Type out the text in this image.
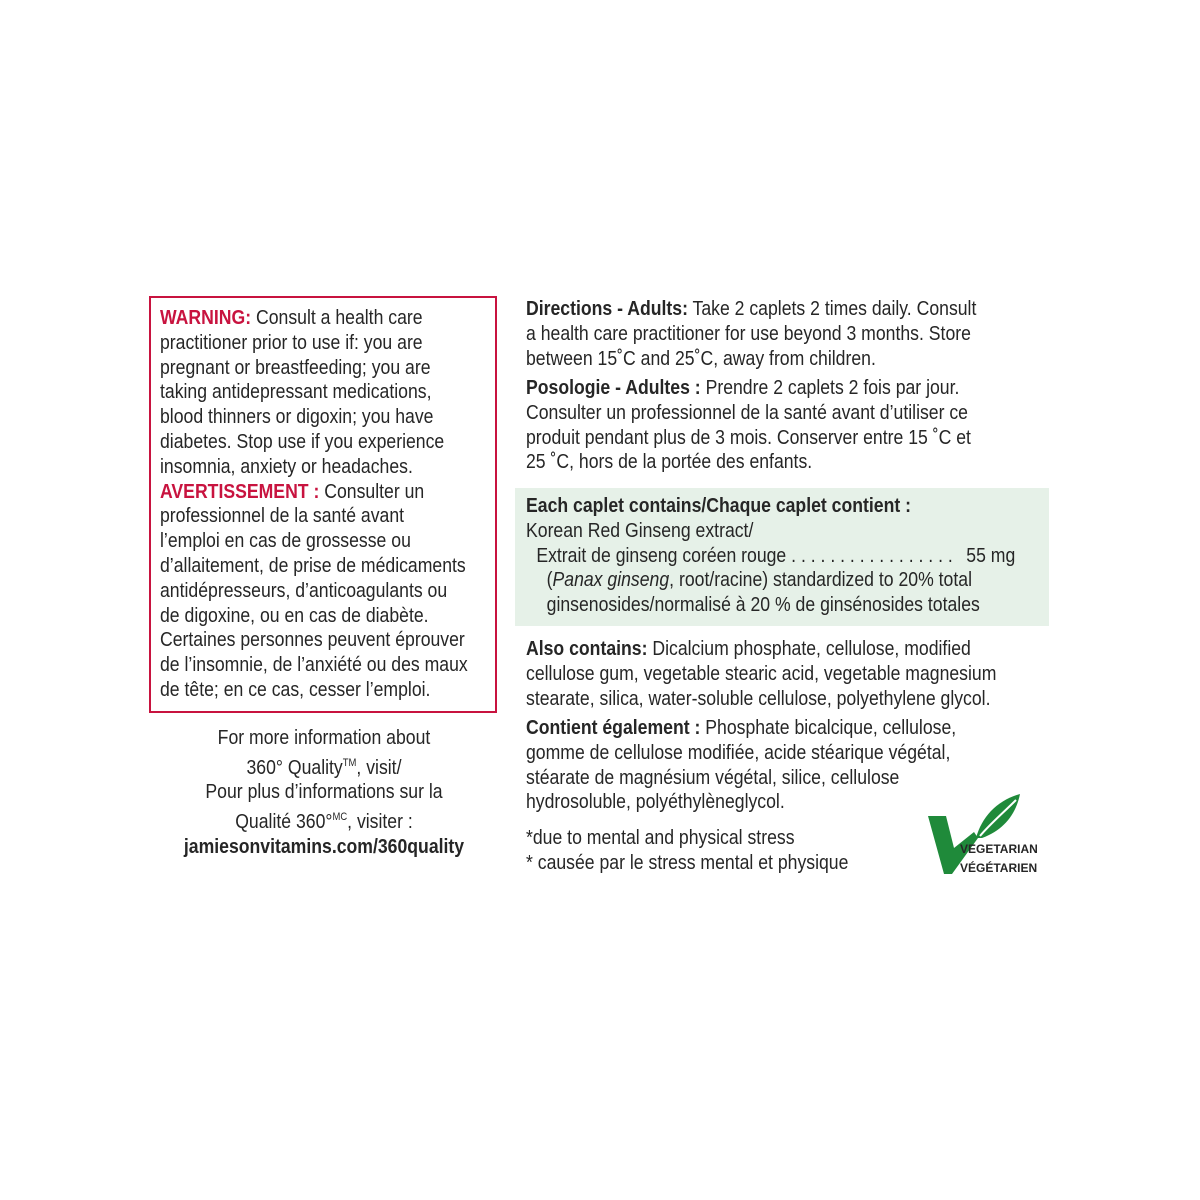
WARNING: Consult a health care
practitioner prior to use if: you are
pregnant or breastfeeding; you are
taking antidepressant medications,
blood thinners or digoxin; you have
diabetes. Stop use if you experience
insomnia, anxiety or headaches.
AVERTISSEMENT : Consulter un
professionnel de la santé avant
l’emploi en cas de grossesse ou
d’allaitement, de prise de médicaments
antidépresseurs, d’anticoagulants ou
de digoxine, ou en cas de diabète.
Certaines personnes peuvent éprouver
de l’insomnie, de l’anxiété ou des maux
de tête; en ce cas, cesser l’emploi.
For more information about
360° Quality™, visit/
Pour plus d’informations sur la
Qualité 360°$^{MC}$, visiter :
jamiesonvitamins.com/360quality
Directions - Adults: Take 2 caplets 2 times daily. Consult
a health care practitioner for use beyond 3 months. Store
between 15˚C and 25˚C, away from children.
Posologie - Adultes : Prendre 2 caplets 2 fois par jour.
Consulter un professionnel de la santé avant d’utiliser ce
produit pendant plus de 3 mois. Conserver entre 15 ˚C et
25 ˚C, hors de la portée des enfants.
Each caplet contains/Chaque caplet contient :
Korean Red Ginseng extract/
Extrait de ginseng coréen rouge . . . . . . . . . . . . . . . . . 55 mg
(Panax ginseng, root/racine) standardized to 20% total
ginsenosides/normalisé à 20 % de ginsénosides totales
Also contains: Dicalcium phosphate, cellulose, modified
cellulose gum, vegetable stearic acid, vegetable magnesium
stearate, silica, water-soluble cellulose, polyethylene glycol.
Contient également : Phosphate bicalcique, cellulose,
gomme de cellulose modifiée, acide stéarique végétal,
stéarate de magnésium végétal, silice, cellulose
hydrosoluble, polyéthylèneglycol.
*due to mental and physical stress
* causée par le stress mental et physique
VEGETARIAN
VÉGÉTARIEN
